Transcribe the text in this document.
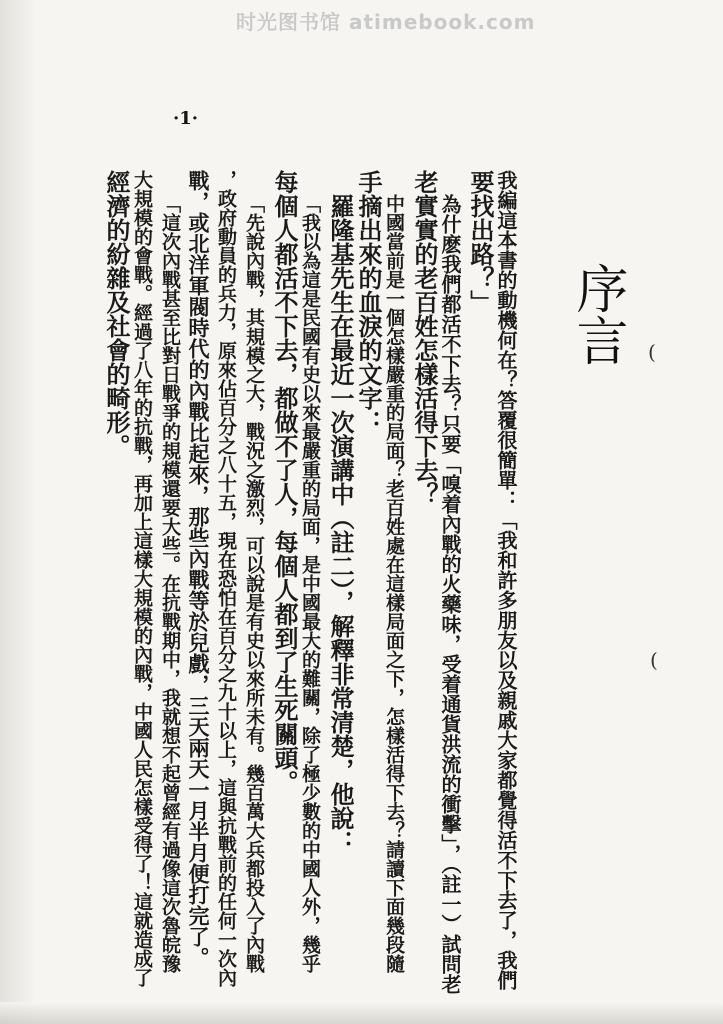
时光图书馆 atimebook.com
序言
·1·
我編這本書的動機何在？答覆很簡單：「我和許多朋友以及親戚大家都覺得活不下去了，我們
要找出路？」
為什麽我們都活不下去？只要「嗅着內戰的火藥味，受着通貨洪流的衝擊」，（註一）試問老
老實實的老百姓怎樣活得下去？
中國當前是一個怎樣嚴重的局面？老百姓處在這樣局面之下，怎樣活得下去？請讀下面幾段隨
手摘出來的血淚的文字：
羅隆基先生在最近一次演講中（註二），解釋非常清楚，他說：
「我以為這是民國有史以來最嚴重的局面，是中國最大的難關，除了極少數的中國人外，幾乎
每個人都活不下去，都做不了人，每個人都到了生死關頭。
「先說內戰，其規模之大，戰況之激烈，可以說是有史以來所未有。幾百萬大兵都投入了內戰
，政府動員的兵力，原來佔百分之八十五，現在恐怕在百分之九十以上，這與抗戰前的任何一次內
戰，或北洋軍閥時代的內戰比起來，那些內戰等於兒戲，三天兩天一月半月便打完了。
「這次內戰甚至比對日戰爭的規模還要大些。在抗戰期中，我就想不起曾經有過像這次魯皖豫
大規模的會戰。經過了八年的抗戰，再加上這樣大規模的內戰，中國人民怎樣受得了！這就造成了
經濟的紛雜及社會的畸形。	(
(
